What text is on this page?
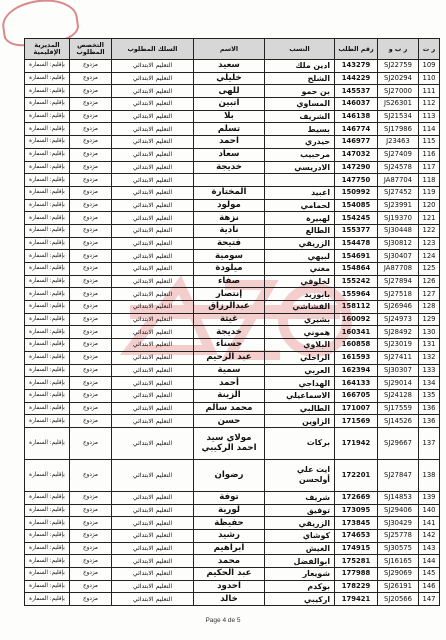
ر ت	ر ب و	رقم الطلب	النسب	الاسم	السلك المطلوب	التخصص المطلوب	المديرية الإقليمية
109	SJ22759	143279	ادين ملك	سعيد	التعليم الابتدائي	مزدوج	بإقليم: السمارة
110	SJ20294	144229	الشلح	خليلي	التعليم الابتدائي	مزدوج	بإقليم: السمارة
111	SJ27000	145537	بن حمو	للهى	التعليم الابتدائي	مزدوج	بإقليم: السمارة
112	JS26301	146037	المساوي	اتبين	التعليم الابتدائي	مزدوج	بإقليم: السمارة
113	SJ21534	146138	الشريف	بلا	التعليم الابتدائي	مزدوج	بإقليم: السمارة
114	SJ17986	146774	بسيط	تسلم	التعليم الابتدائي	مزدوج	بإقليم: السمارة
115	J23463	146977	حيدري	احمد	التعليم الابتدائي	مزدوج	بإقليم: السمارة
116	SJ27409	147032	مرحبيب	سعاد	التعليم الابتدائي	مزدوج	بإقليم: السمارة
117	SJ24578	147290	الادريسي	خديجة	التعليم الابتدائي	مزدوج	بإقليم: السمارة
118	JA87704	147750			التعليم الابتدائي	مزدوج	بإقليم: السمارة
119	SJ27452	150992	اعبيد	المختارة	التعليم الابتدائي	مزدوج	بإقليم: السمارة
120	SJ23991	154085	لحمامي	مولود	التعليم الابتدائي	مزدوج	بإقليم: السمارة
121	SJ19370	154245	لهبيرة	نزهة	التعليم الابتدائي	مزدوج	بإقليم: السمارة
122	SJ30448	155377	الطالع	نادية	التعليم الابتدائي	مزدوج	بإقليم: السمارة
123	SJ30812	154478	الزريقي	فتيحة	التعليم الابتدائي	مزدوج	بإقليم: السمارة
124	SJ30407	154691	لبيهي	سومية	التعليم الابتدائي	مزدوج	بإقليم: السمارة
125	JA87708	154864	مغني	ميلودة	التعليم الابتدائي	مزدوج	بإقليم: السمارة
126	SJ27894	155242	لخلوفي	صفاء	التعليم الابتدائي	مزدوج	بإقليم: السمارة
127	SJ27518	155964	بابوزيد	إنتصار	التعليم الابتدائي	مزدوج	بإقليم: السمارة
128	SJ26946	158112	القشاشي	عبدالرزاق	التعليم الابتدائي	مزدوج	بإقليم: السمارة
129	SJ24973	160092	بشيري	غيثة	التعليم الابتدائي	مزدوج	بإقليم: السمارة
130	SJ28492	160341	هموني	خديجة	التعليم الابتدائي	مزدوج	بإقليم: السمارة
131	SJ23019	160858	البلاوي	حسناء	التعليم الابتدائي	مزدوج	بإقليم: السمارة
132	SJ27411	161593	الراحلي	عبد الرحيم	التعليم الابتدائي	مزدوج	بإقليم: السمارة
133	SJ30307	162394	العربي	سمية	التعليم الابتدائي	مزدوج	بإقليم: السمارة
134	SJ29014	164133	الهداجي	أحمد	التعليم الابتدائي	مزدوج	بإقليم: السمارة
135	SJ24128	166705	الاسماعيلي	الزينة	التعليم الابتدائي	مزدوج	بإقليم: السمارة
136	SJ17559	171007	الطالبي	محمد سالم	التعليم الابتدائي	مزدوج	بإقليم: السمارة
136	SJ14526	171569	الزاوين	حسن	التعليم الابتدائي	مزدوج	بإقليم: السمارة
137	SJ29667	171942	بركات	مولاي سيد احمد الركيبي	التعليم الابتدائي	مزدوج	بإقليم: السمارة
138	SJ27847	172201	ايت علي أولحسن	رضوان	التعليم الابتدائي	مزدوج	بإقليم: السمارة
139	SJ14853	172669	شريف	توفة	التعليم الابتدائي	مزدوج	بإقليم: السمارة
140	SJ29406	173095	توفيق	لورية	التعليم الابتدائي	مزدوج	بإقليم: السمارة
141	SJ30429	173845	الزريقي	حفيظة	التعليم الابتدائي	مزدوج	بإقليم: السمارة
142	SJ25778	174653	كوشاي	رشيد	التعليم الابتدائي	مزدوج	بإقليم: السمارة
143	SJ30575	174915	الغيش	ابراهيم	التعليم الابتدائي	مزدوج	بإقليم: السمارة
144	SJ16165	175281	ابوالفضل	محمد	التعليم الابتدائي	مزدوج	بإقليم: السمارة
145	SJ29069	177988	شويعار	عبد الحكيم	التعليم الابتدائي	مزدوج	بإقليم: السمارة
146	SJ26191	178229	بوكدم	احدود	التعليم الابتدائي	مزدوج	بإقليم: السمارة
147	SJ20566	179421	اركيبي	خالد	التعليم الابتدائي	مزدوج	بإقليم: السمارة
Page 4 de 5
